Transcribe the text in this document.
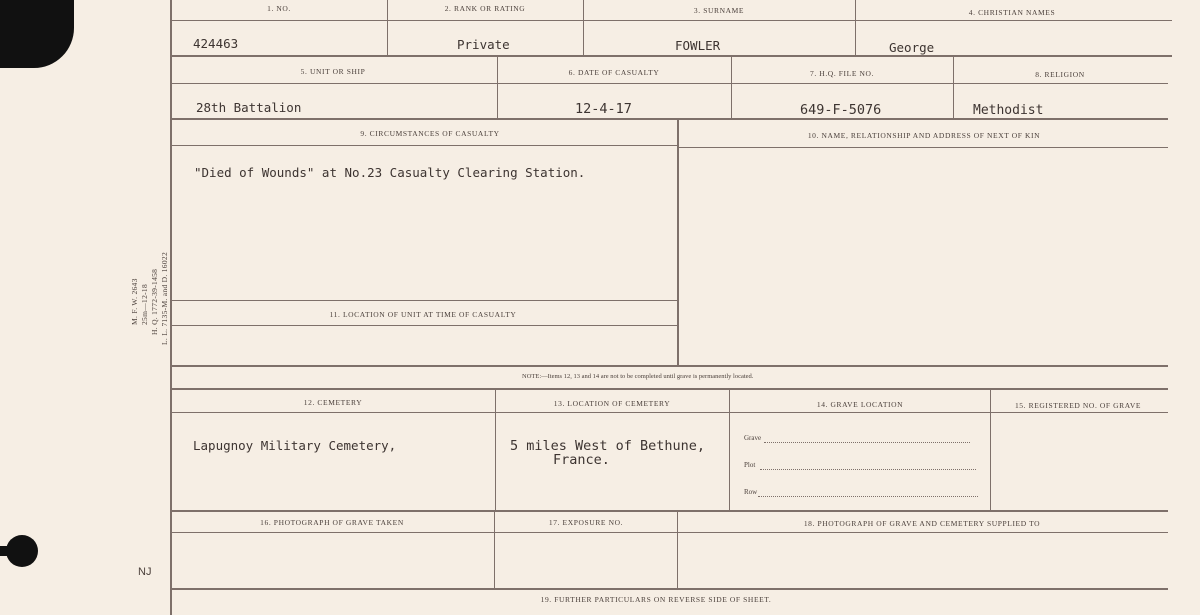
M. F. W. 2643 25m—12-18 H. Q. 1772-39-1458 L. L. 7135-M. and D. 16022
NJ
1. NO.	2. RANK OR RATING	3. SURNAME	4. CHRISTIAN NAMES
424463	Private	FOWLER	George
5. UNIT OR SHIP	6. DATE OF CASUALTY	7. H.Q. FILE NO.	8. RELIGION
28th Battalion	12-4-17	649-F-5076	Methodist
9. CIRCUMSTANCES OF CASUALTY	10. NAME, RELATIONSHIP AND ADDRESS OF NEXT OF KIN
"Died of Wounds" at No.23 Casualty Clearing Station.
11. LOCATION OF UNIT AT TIME OF CASUALTY
NOTE:—Items 12, 13 and 14 are not to be completed until grave is permanently located.
12. CEMETERY	13. LOCATION OF CEMETERY	14. GRAVE LOCATION	15. REGISTERED NO. OF GRAVE
Lapugnoy Military Cemetery,	5 miles West of Bethune,
France.
Grave
Plot
Row
16. PHOTOGRAPH OF GRAVE TAKEN	17. EXPOSURE NO.	18. PHOTOGRAPH OF GRAVE AND CEMETERY SUPPLIED TO
19. FURTHER PARTICULARS ON REVERSE SIDE OF SHEET.
